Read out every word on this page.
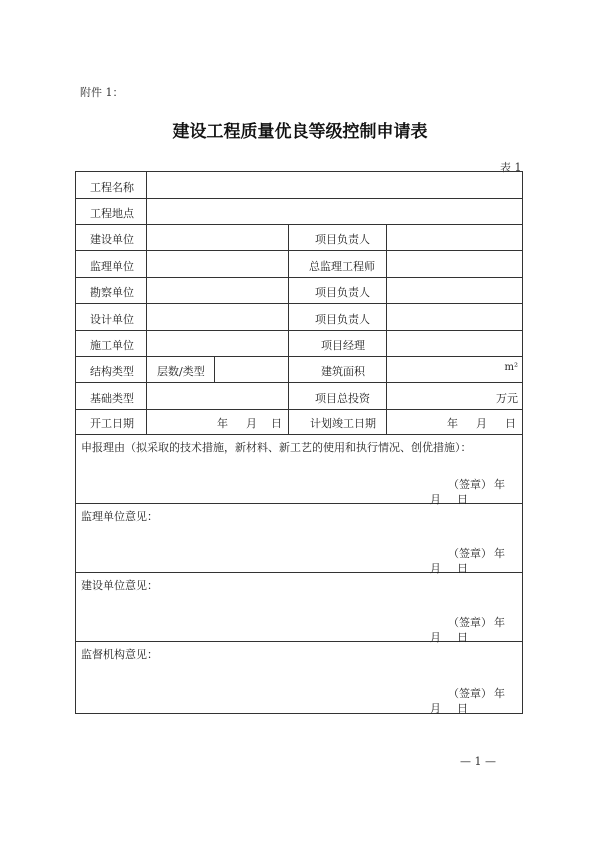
附件 1：
建设工程质量优良等级控制申请表
表 1
工程名称
工程地点
建设单位	项目负责人
监理单位	总监理工程师
勘察单位	项目负责人
设计单位	项目负责人
施工单位	项目经理
结构类型 层数/类型	建筑面积	m²
基础类型	项目总投资	万元
开工日期	年 月 日	计划竣工日期	年 月 日
申报理由（拟采取的技术措施，新材料、新工艺的使用和执行情况、创优措施）：
（签章） 年
月 日
监理单位意见：
（签章） 年
月 日
建设单位意见：
（签章） 年
月 日
监督机构意见：
（签章） 年
月 日
— 1 —
